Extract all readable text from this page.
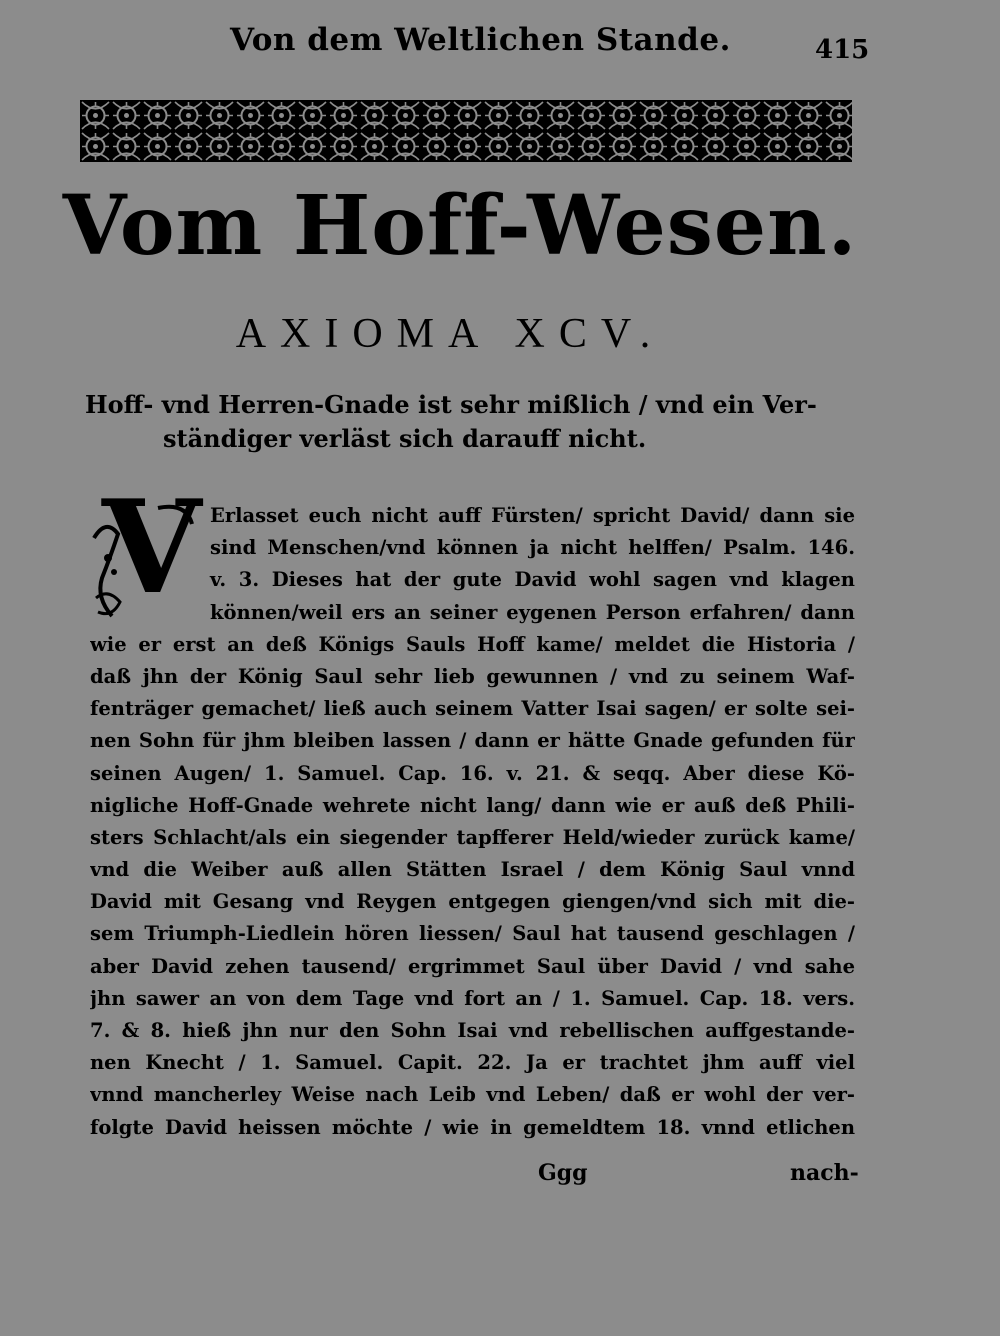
Von dem Weltlichen Stande.	415
Vom Hoff-Wesen.
AXIOMA XCV.
Hoff- vnd Herren-Gnade ist sehr mißlich / vnd ein Ver-
ständiger verläst sich darauff nicht.
V Erlasset euch nicht auff Fürsten/ spricht David/ dann sie
sind Menschen/vnd können ja nicht helffen/ Psalm. 146.
v. 3. Dieses hat der gute David wohl sagen vnd klagen
können/weil ers an seiner eygenen Person erfahren/ dann
wie er erst an deß Königs Sauls Hoff kame/ meldet die Historia /
daß jhn der König Saul sehr lieb gewunnen / vnd zu seinem Waf-
fenträger gemachet/ ließ auch seinem Vatter Isai sagen/ er solte sei-
nen Sohn für jhm bleiben lassen / dann er hätte Gnade gefunden für
seinen Augen/ 1. Samuel. Cap. 16. v. 21. & seqq. Aber diese Kö-
nigliche Hoff-Gnade wehrete nicht lang/ dann wie er auß deß Phili-
sters Schlacht/als ein siegender tapfferer Held/wieder zurück kame/
vnd die Weiber auß allen Stätten Israel / dem König Saul vnnd
David mit Gesang vnd Reygen entgegen giengen/vnd sich mit die-
sem Triumph-Liedlein hören liessen/ Saul hat tausend geschlagen /
aber David zehen tausend/ ergrimmet Saul über David / vnd sahe
jhn sawer an von dem Tage vnd fort an / 1. Samuel. Cap. 18. vers.
7. & 8. hieß jhn nur den Sohn Isai vnd rebellischen auffgestande-
nen Knecht / 1. Samuel. Capit. 22. Ja er trachtet jhm auff viel
vnnd mancherley Weise nach Leib vnd Leben/ daß er wohl der ver-
folgte David heissen möchte / wie in gemeldtem 18. vnnd etlichen
Ggg	nach-
